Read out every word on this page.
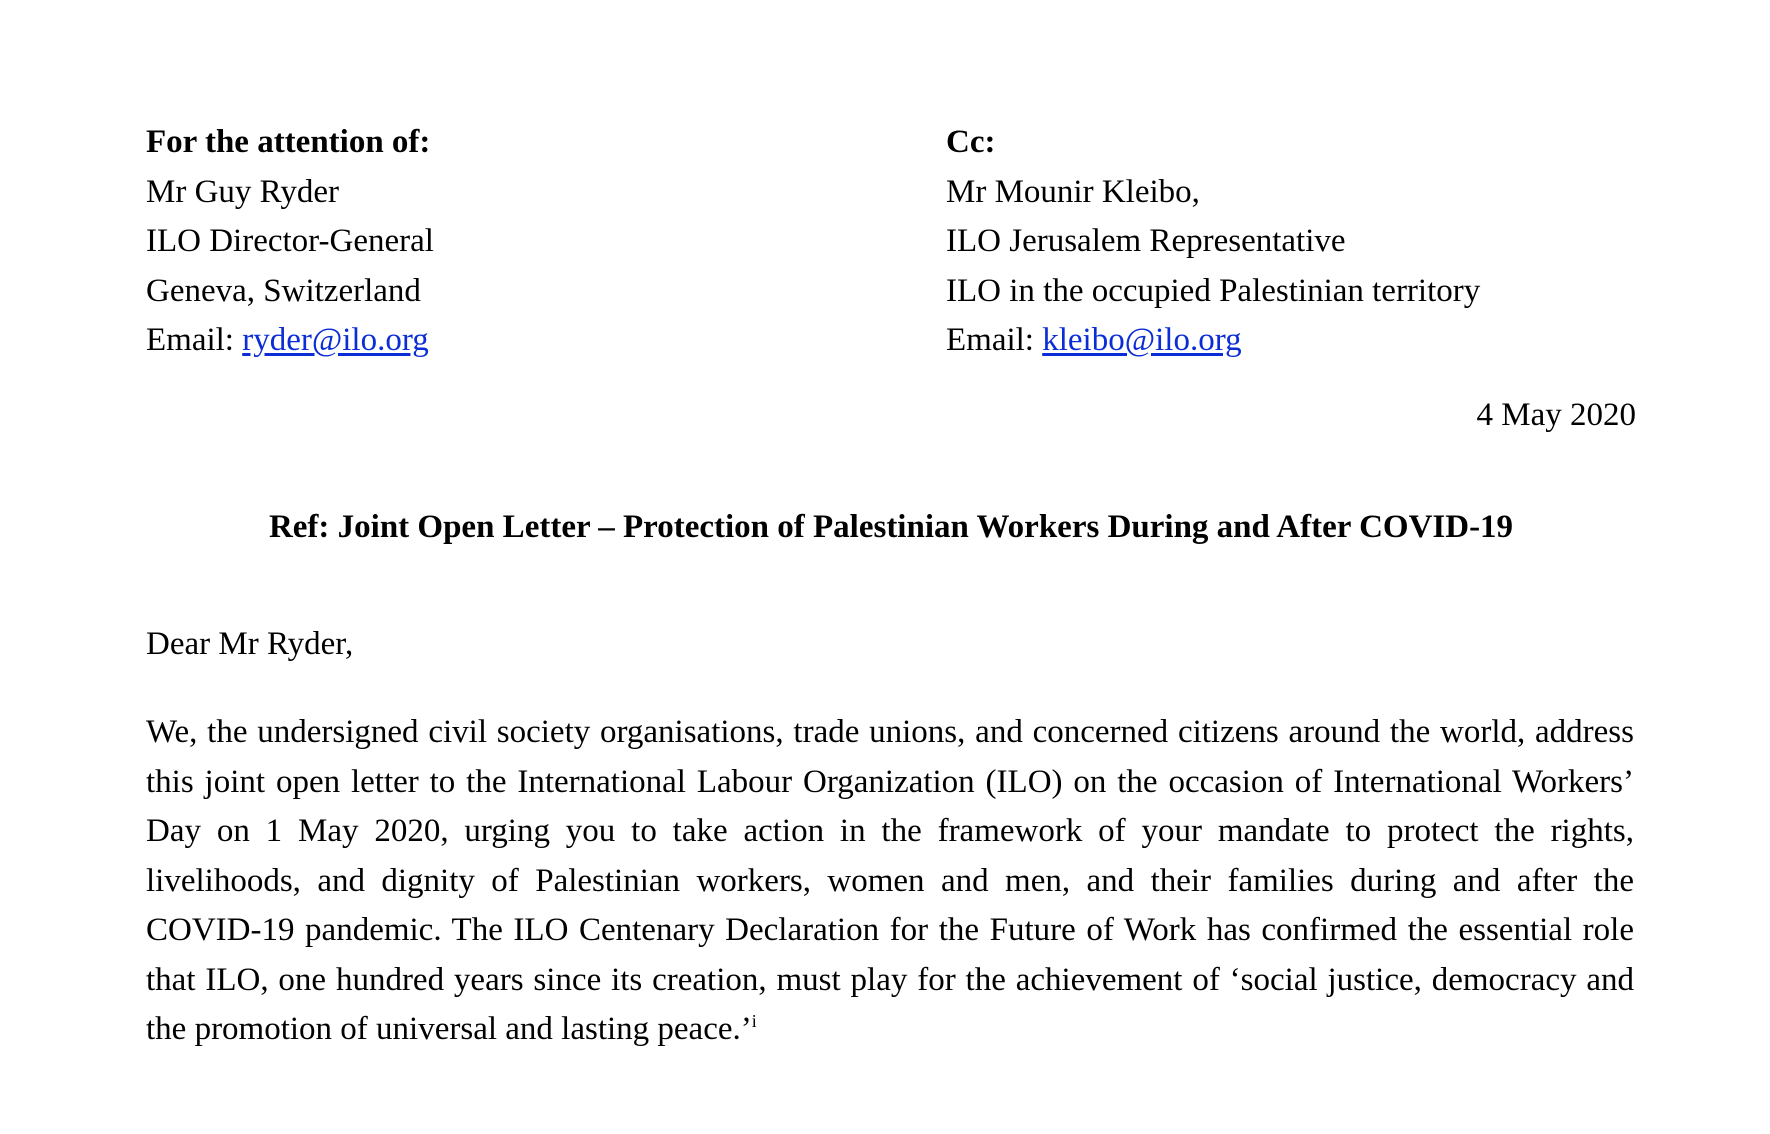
For the attention of:
Mr Guy Ryder
ILO Director-General
Geneva, Switzerland
Email: ryder@ilo.org
Cc:
Mr Mounir Kleibo,
ILO Jerusalem Representative
ILO in the occupied Palestinian territory
Email: kleibo@ilo.org
4 May 2020
Ref: Joint Open Letter – Protection of Palestinian Workers During and After COVID-19
Dear Mr Ryder,

We, the undersigned civil society organisations, trade unions, and concerned citizens around the world, address this joint open letter to the International Labour Organization (ILO) on the occasion of International Workers’ Day on 1 May 2020, urging you to take action in the framework of your mandate to protect the rights, livelihoods, and dignity of Palestinian workers, women and men, and their families during and after the COVID-19 pandemic. The ILO Centenary Declaration for the Future of Work has confirmed the essential role that ILO, one hundred years since its creation, must play for the achievement of ‘social justice, democracy and the promotion of universal and lasting peace.’$^i$
